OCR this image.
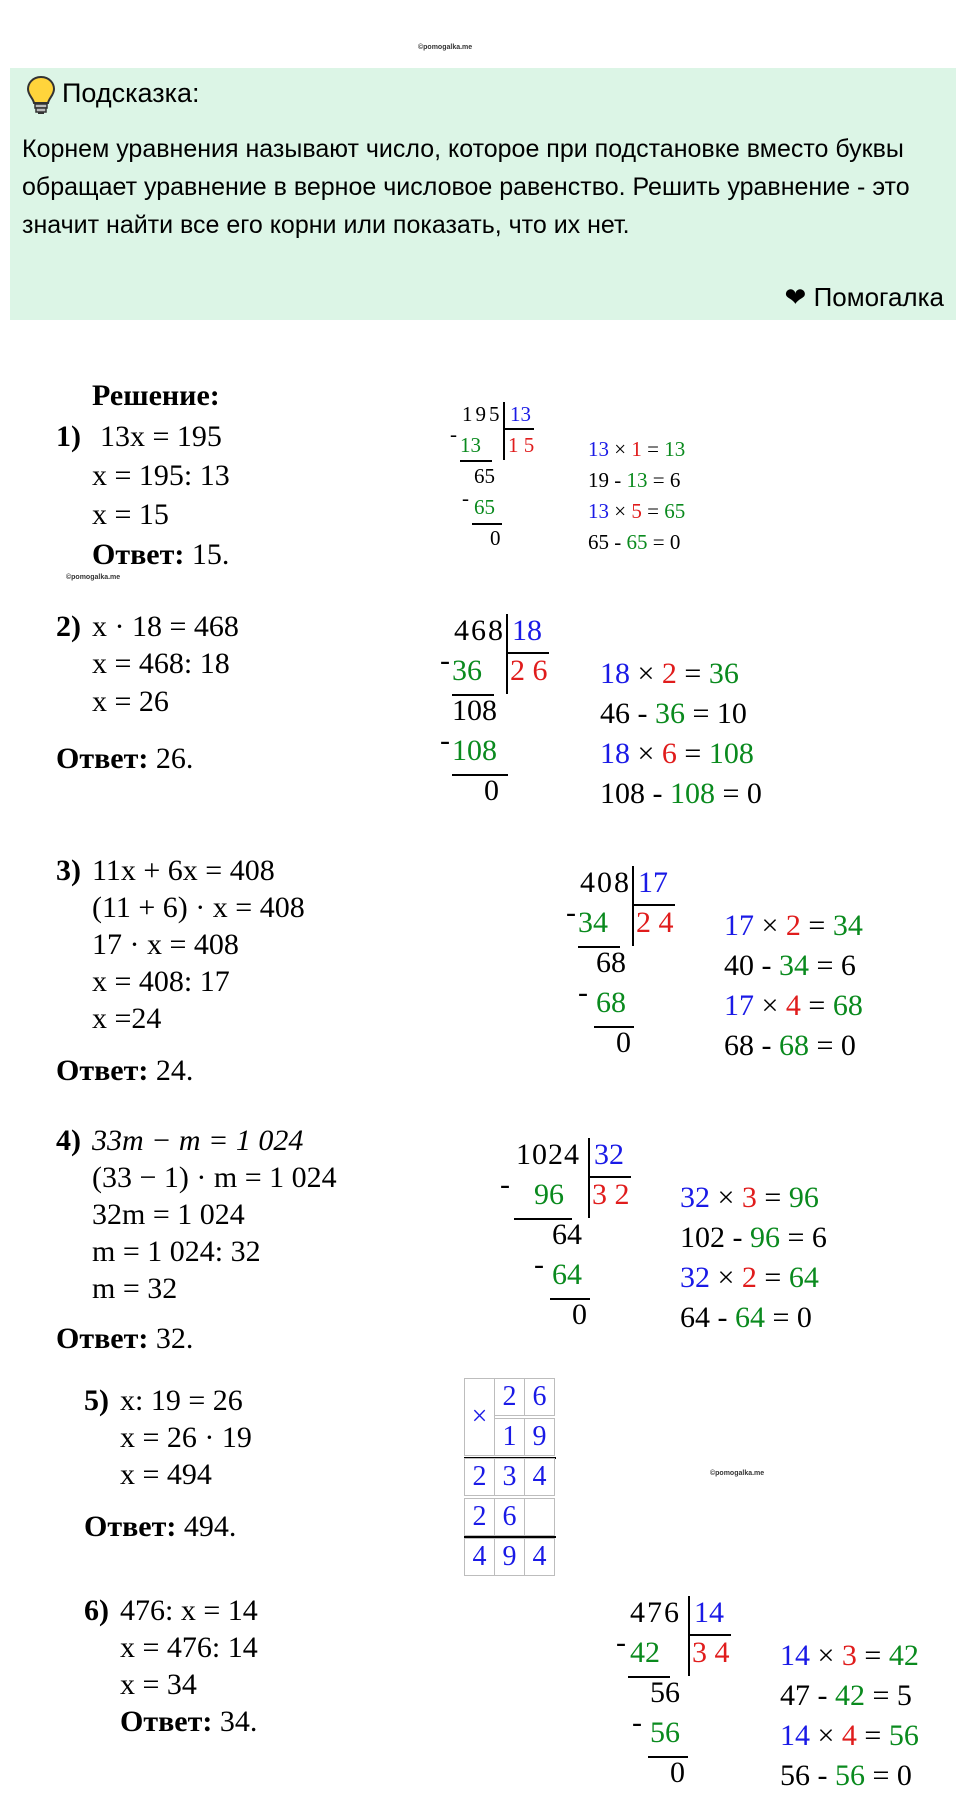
©pomogalka.me
©pomogalka.me
©pomogalka.me
Подсказка:
Корнем уравнения называют число, которое при подстановке вместо буквы обращает уравнение в верное числовое равенство. Решить уравнение - это значит найти все его корни или показать, что их нет.
❤ Помогалка
Решение:
1) 13x = 195
x = 195: 13
x = 15
Ответ: 15.
195 13
- 13 1 5
65
- 65
0
13 × 1 = 13
19 - 13 = 6
13 × 5 = 65
65 - 65 = 0
2) x · 18 = 468
x = 468: 18
x = 26
Ответ: 26.
468 18
- 36 2 6
108
- 108
0
18 × 2 = 36
46 - 36 = 10
18 × 6 = 108
108 - 108 = 0
3) 11x + 6x = 408
(11 + 6) · x = 408
17 · x = 408
x = 408: 17
x =24
Ответ: 24.
408 17
- 34 2 4
68
- 68
0
17 × 2 = 34
40 - 34 = 6
17 × 4 = 68
68 - 68 = 0
4) 33m − m = 1 024
(33 − 1) · m = 1 024
32m = 1 024
m = 1 024: 32
m = 32
Ответ: 32.
1024 32
- 96 3 2
64
- 64
0
32 × 3 = 96
102 - 96 = 6
32 × 2 = 64
64 - 64 = 0
5) x: 19 = 26
x = 26 · 19
x = 494
Ответ: 494.
×
2 6
1 9
2 3 4
2 6
4 9 4
6) 476: x = 14
x = 476: 14
x = 34
Ответ: 34.
476 14
- 42 3 4
56
- 56
0
14 × 3 = 42
47 - 42 = 5
14 × 4 = 56
56 - 56 = 0
